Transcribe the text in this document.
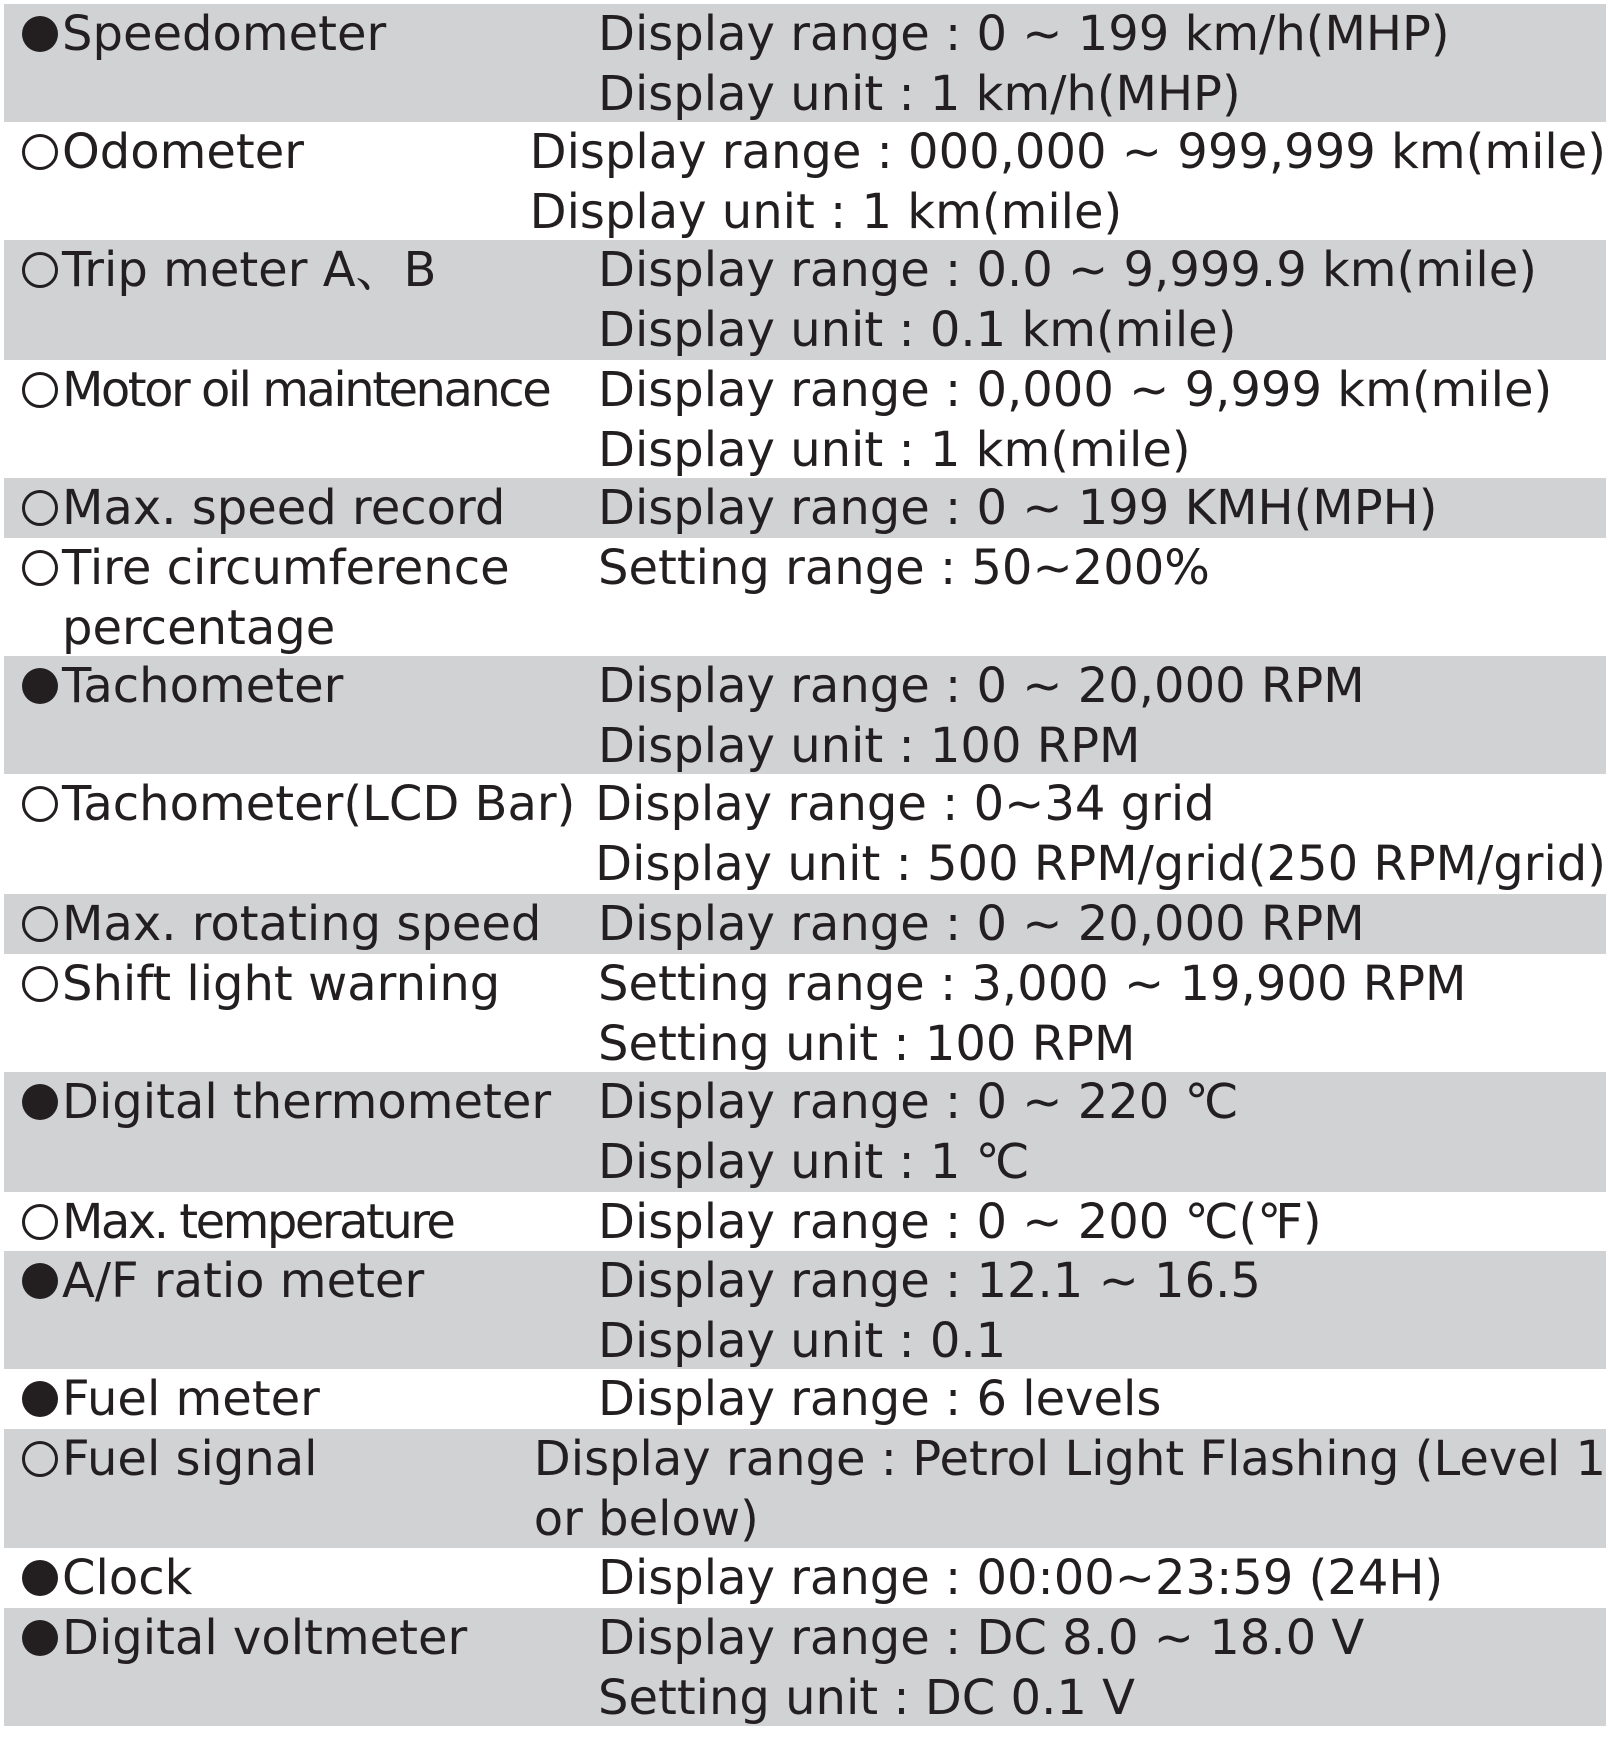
Speedometer	Display range : 0 ~ 199 km/h(MHP)
Display unit : 1 km/h(MHP)
Odometer	Display range : 000,000 ~ 999,999 km(mile)
Display unit : 1 km(mile)
Trip meter A、B	Display range : 0.0 ~ 9,999.9 km(mile)
Display unit : 0.1 km(mile)
Motor oil maintenance Display range : 0,000 ~ 9,999 km(mile)
Display unit : 1 km(mile)
Max. speed record Display range : 0 ~ 199 KMH(MPH)
Tire circumference
percentage
Setting range : 50~200%
Tachometer	Display range : 0 ~ 20,000 RPM
Display unit : 100 RPM
Tachometer(LCD Bar) Display range : 0~34 grid
Display unit : 500 RPM/grid(250 RPM/grid)
Max. rotating speed Display range : 0 ~ 20,000 RPM
Shift light warning Setting range : 3,000 ~ 19,900 RPM
Setting unit : 100 RPM
Digital thermometer Display range : 0 ~ 220 ℃
Display unit : 1 ℃
Max. temperature	Display range : 0 ~ 200 ℃(℉)
A/F ratio meter	Display range : 12.1 ~ 16.5
Display unit : 0.1
Fuel meter	Display range : 6 levels
Fuel signal	Display range : Petrol Light Flashing (Level 1
or below)
Clock	Display range : 00:00~23:59 (24H)
Digital voltmeter	Display range : DC 8.0 ~ 18.0 V
Setting unit : DC 0.1 V
